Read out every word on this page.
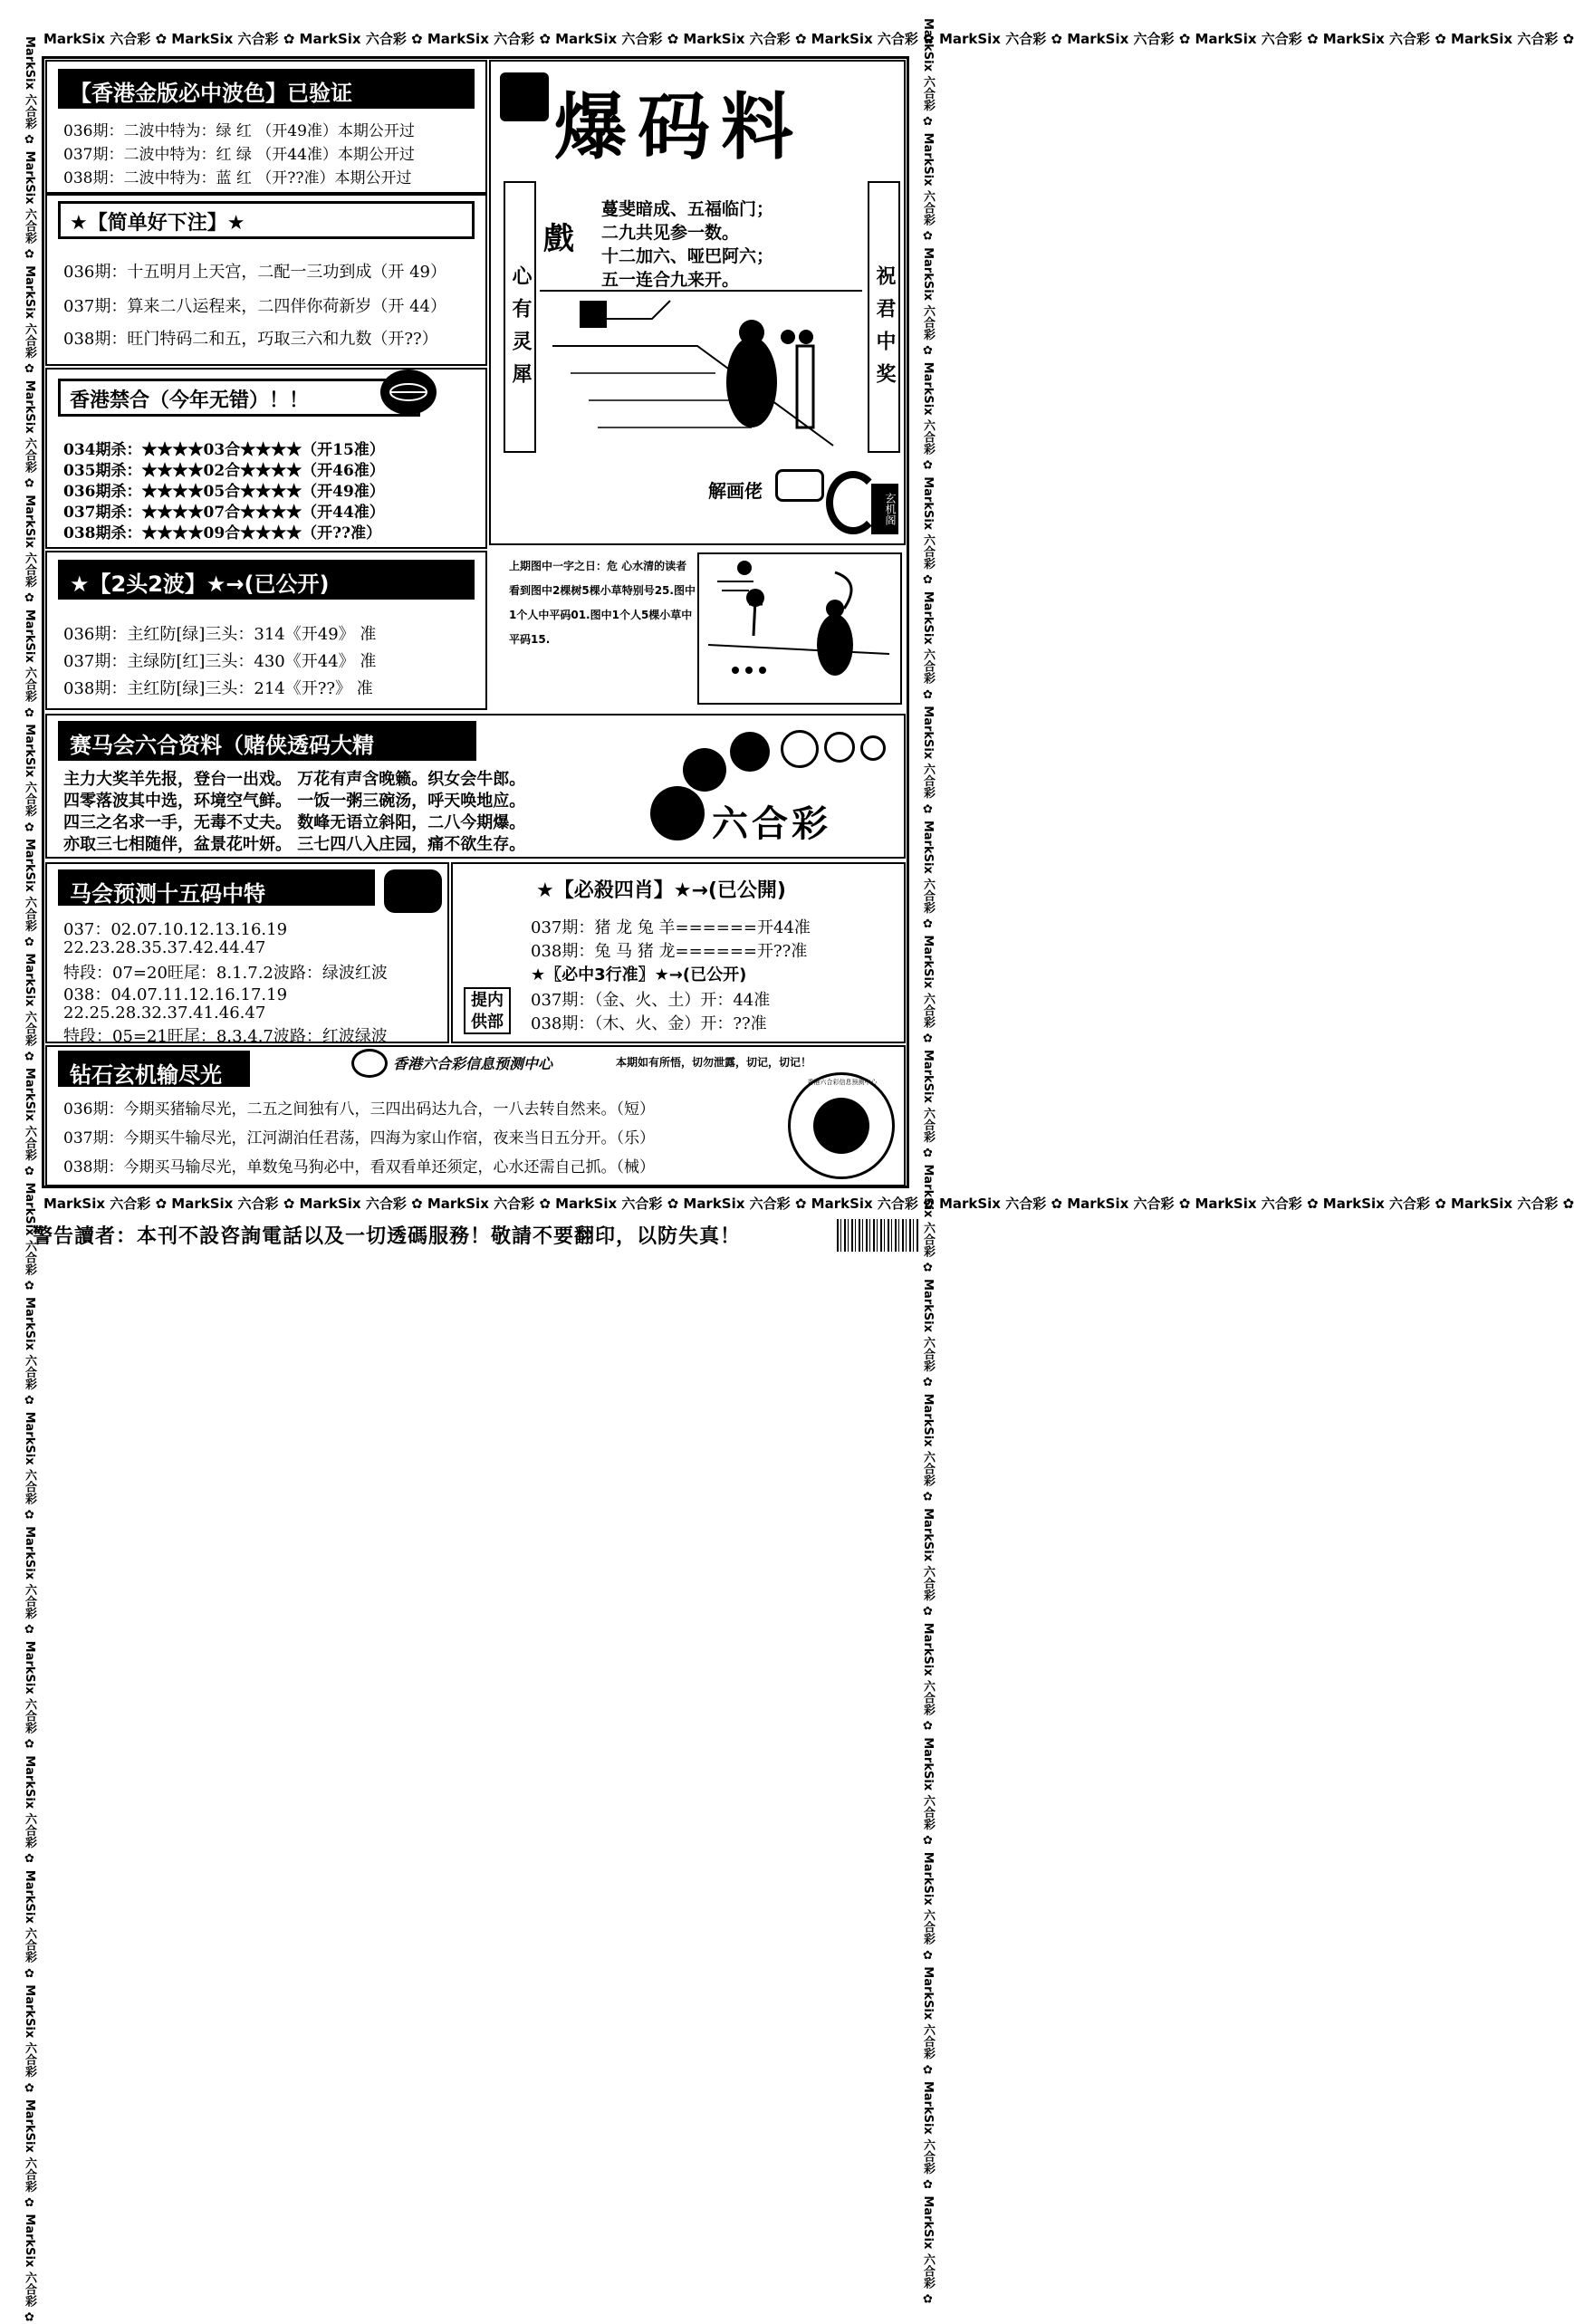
MarkSix 六合彩 ✿ MarkSix 六合彩 ✿ MarkSix 六合彩 ✿ MarkSix 六合彩 ✿ MarkSix 六合彩 ✿ MarkSix 六合彩 ✿ MarkSix 六合彩 ✿ MarkSix 六合彩 ✿ MarkSix 六合彩 ✿ MarkSix 六合彩 ✿ MarkSix 六合彩 ✿ MarkSix 六合彩 ✿
MarkSix 六合彩 ✿ MarkSix 六合彩 ✿ MarkSix 六合彩 ✿ MarkSix 六合彩 ✿ MarkSix 六合彩 ✿ MarkSix 六合彩 ✿ MarkSix 六合彩 ✿ MarkSix 六合彩 ✿ MarkSix 六合彩 ✿ MarkSix 六合彩 ✿ MarkSix 六合彩 ✿ MarkSix 六合彩 ✿
MarkSix 六合彩 ✿ MarkSix 六合彩 ✿ MarkSix 六合彩 ✿ MarkSix 六合彩 ✿ MarkSix 六合彩 ✿ MarkSix 六合彩 ✿ MarkSix 六合彩 ✿ MarkSix 六合彩 ✿ MarkSix 六合彩 ✿ MarkSix 六合彩 ✿ MarkSix 六合彩 ✿ MarkSix 六合彩 ✿ MarkSix 六合彩 ✿ MarkSix 六合彩 ✿ MarkSix 六合彩 ✿ MarkSix 六合彩 ✿ MarkSix 六合彩 ✿ MarkSix 六合彩 ✿ MarkSix 六合彩 ✿ MarkSix 六合彩 ✿	MarkSix 六合彩 ✿ MarkSix 六合彩 ✿ MarkSix 六合彩 ✿ MarkSix 六合彩 ✿ MarkSix 六合彩 ✿ MarkSix 六合彩 ✿ MarkSix 六合彩 ✿ MarkSix 六合彩 ✿ MarkSix 六合彩 ✿ MarkSix 六合彩 ✿ MarkSix 六合彩 ✿ MarkSix 六合彩 ✿ MarkSix 六合彩 ✿ MarkSix 六合彩 ✿ MarkSix 六合彩 ✿ MarkSix 六合彩 ✿ MarkSix 六合彩 ✿ MarkSix 六合彩 ✿ MarkSix 六合彩 ✿ MarkSix 六合彩 ✿
【香港金版必中波色】已验证
036期：二波中特为：绿 红 （开49准）本期公开过
037期：二波中特为：红 绿 （开44准）本期公开过
038期：二波中特为：蓝 红 （开??准）本期公开过
★【简单好下注】★
036期：十五明月上天宫，二配一三功到成（开 49）
037期：算来二八运程来，二四伴你荷新岁（开 44）
038期：旺门特码二和五，巧取三六和九数（开??）
香港禁合（今年无错）！！
034期杀：★★★★03合★★★★（开15准）
035期杀：★★★★02合★★★★（开46准）
036期杀：★★★★05合★★★★（开49准）
037期杀：★★★★07合★★★★（开44准）
038期杀：★★★★09合★★★★（开??准）
★【2头2波】★→(已公开)
036期：主红防[绿]三头：314《开49》 准
037期：主绿防[红]三头：430《开44》 准
038期：主红防[绿]三头：214《开??》 准
爆码料
心有灵犀	祝君中奖
戲
蔓斐暗成、五福临门；
二九共见参一数。
十二加六、哑巴阿六；
五一连合九来开。
解画佬
玄机阁
上期图中一字之日：危 心水清的读者看到图中2棵树5棵小草特别号25.图中1个人中平码01.图中1个人5棵小草中平码15.
赛马会六合资料（赌侠透码大精
主力大奖羊先报，登台一出戏。 万花有声含晚籁。织女会牛郎。
四零落波其中选，环境空气鲜。 一饭一粥三碗汤，呼天唤地应。
四三之名求一手，无毒不丈夫。 数峰无语立斜阳，二八今期爆。
亦取三七相随伴，盆景花叶妍。 三七四八入庄园，痛不欲生存。	六合彩
马会预测十五码中特
037：02.07.10.12.13.16.19
22.23.28.35.37.42.44.47
特段：07=20旺尾：8.1.7.2波路：绿波红波
038：04.07.11.12.16.17.19
22.25.28.32.37.41.46.47
特段：05=21旺尾：8.3.4.7波路：红波绿波
★【必殺四肖】★→(已公開)
037期：猪 龙 兔 羊======开44准
038期：兔 马 猪 龙======开??准
★〖必中3行准〗★→(已公开)
037期：（金、火、土）开：44准
038期：（木、火、金）开：??准
提内供部
钻石玄机输尽光	香港六合彩信息预测中心	本期如有所悟，切勿泄露，切记，切记！
036期：今期买猪输尽光，二五之间独有八，三四出码达九合，一八去转自然来。（短）
037期：今期买牛输尽光，江河湖泊任君荡，四海为家山作宿，夜来当日五分开。（乐）
038期：今期买马输尽光，单数兔马狗必中，看双看单还须定，心水还需自己抓。（械）
香港六合彩信息预测中心
警告讀者：本刊不設咨詢電話以及一切透碼服務！敬請不要翻印，以防失真！
